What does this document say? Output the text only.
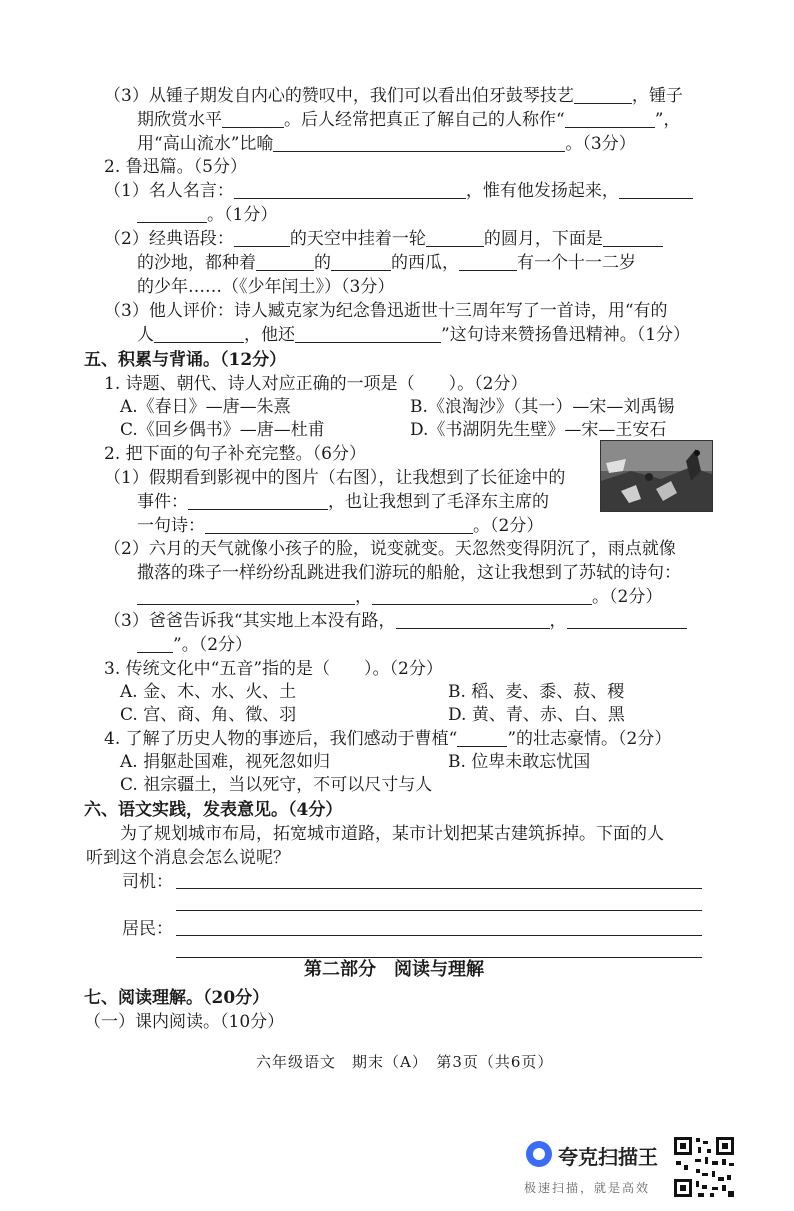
（3）从锺子期发自内心的赞叹中，我们可以看出伯牙鼓琴技艺	，锺子
期欣赏水平	。后人经常把真正了解自己的人称作“	”，
用“高山流水”比喻	。（3分）
2. 鲁迅篇。（5分）
（1）名人名言：	，惟有他发扬起来，
。（1分）
（2）经典语段：	的天空中挂着一轮	的圆月，下面是
的沙地，都种着	的	的西瓜，	有一个十一二岁
的少年……（《少年闰土》）（3分）
（3）他人评价：诗人臧克家为纪念鲁迅逝世十三周年写了一首诗，用“有的
人	，他还	”这句诗来赞扬鲁迅精神。（1分）
五、积累与背诵。（12分）
1. 诗题、朝代、诗人对应正确的一项是（　　）。（2分）
A.《春日》—唐—朱熹	B.《浪淘沙》（其一）—宋—刘禹锡
C.《回乡偶书》—唐—杜甫	D.《书湖阴先生壁》—宋—王安石
2. 把下面的句子补充完整。（6分）
（1）假期看到影视中的图片（右图），让我想到了长征途中的
事件：	，也让我想到了毛泽东主席的
一句诗：	。（2分）
（2）六月的天气就像小孩子的脸，说变就变。天忽然变得阴沉了，雨点就像
撒落的珠子一样纷纷乱跳进我们游玩的船舱，这让我想到了苏轼的诗句：
，	。（2分）
（3）爸爸告诉我“其实地上本没有路，	，
”。（2分）
3. 传统文化中“五音”指的是（　　）。（2分）
A. 金、木、水、火、土	B. 稻、麦、黍、菽、稷
C. 宫、商、角、徵、羽	D. 黄、青、赤、白、黑
4. 了解了历史人物的事迹后，我们感动于曹植“	”的壮志豪情。（2分）
A. 捐躯赴国难，视死忽如归	B. 位卑未敢忘忧国
C. 祖宗疆土，当以死守，不可以尺寸与人
六、语文实践，发表意见。（4分）
为了规划城市布局，拓宽城市道路，某市计划把某古建筑拆掉。下面的人
听到这个消息会怎么说呢？
司机：
居民：
第二部分　阅读与理解
七、阅读理解。（20分）
（一）课内阅读。（10分）
六年级语文　期末（A）　第3页（共6页）
夸克扫描王
极速扫描，就是高效
